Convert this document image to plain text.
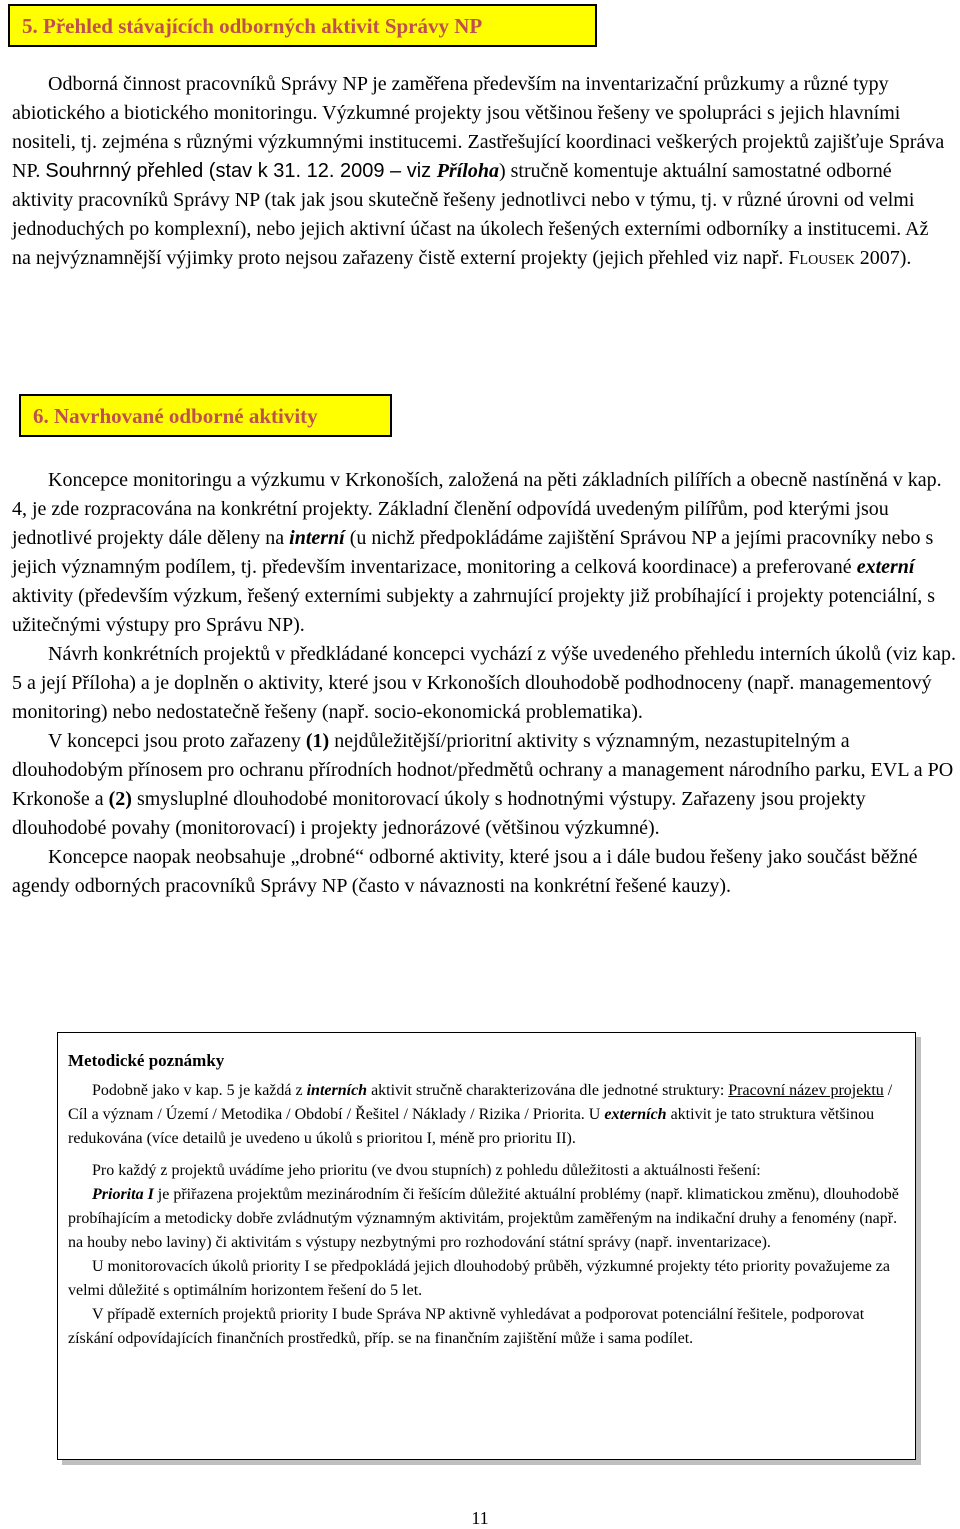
5. Přehled stávajících odborných aktivit Správy NP

Odborná činnost pracovníků Správy NP je zaměřena především na inventarizační průzkumy a různé typy abiotického a biotického monitoringu. Výzkumné projekty jsou většinou řešeny ve spolupráci s jejich hlavními nositeli, tj. zejména s různými výzkumnými institucemi. Zastřešující koordinaci veškerých projektů zajišťuje Správa NP. Souhrnný přehled (stav k 31. 12. 2009 – viz Příloha) stručně komentuje aktuální samostatné odborné aktivity pracovníků Správy NP (tak jak jsou skutečně řešeny jednotlivci nebo v týmu, tj. v různé úrovni od velmi jednoduchých po komplexní), nebo jejich aktivní účast na úkolech řešených externími odborníky a institucemi. Až na nejvýznamnější výjimky proto nejsou zařazeny čistě externí projekty (jejich přehled viz např. Flousek 2007).

6. Navrhované odborné aktivity

Koncepce monitoringu a výzkumu v Krkonoších, založená na pěti základních pilířích a obecně nastíněná v kap. 4, je zde rozpracována na konkrétní projekty. Základní členění odpovídá uvedeným pilířům, pod kterými jsou jednotlivé projekty dále děleny na interní (u nichž předpokládáme zajištění Správou NP a jejími pracovníky nebo s jejich významným podílem, tj. především inventarizace, monitoring a celková koordinace) a preferované externí aktivity (především výzkum, řešený externími subjekty a zahrnující projekty již probíhající i projekty potenciální, s užitečnými výstupy pro Správu NP).

Návrh konkrétních projektů v předkládané koncepci vychází z výše uvedeného přehledu interních úkolů (viz kap. 5 a její Příloha) a je doplněn o aktivity, které jsou v Krkonoších dlouhodobě podhodnoceny (např. managementový monitoring) nebo nedostatečně řešeny (např. socio-ekonomická problematika).

V koncepci jsou proto zařazeny (1) nejdůležitější/prioritní aktivity s významným, nezastupitelným a dlouhodobým přínosem pro ochranu přírodních hodnot/předmětů ochrany a management národního parku, EVL a PO Krkonoše a (2) smysluplné dlouhodobé monitorovací úkoly s hodnotnými výstupy. Zařazeny jsou projekty dlouhodobé povahy (monitorovací) i projekty jednorázové (většinou výzkumné).

Koncepce naopak neobsahuje „drobné“ odborné aktivity, které jsou a i dále budou řešeny jako součást běžné agendy odborných pracovníků Správy NP (často v návaznosti na konkrétní řešené kauzy).

Metodické poznámky

Podobně jako v kap. 5 je každá z interních aktivit stručně charakterizována dle jednotné struktury: Pracovní název projektu / Cíl a význam / Území / Metodika / Období / Řešitel / Náklady / Rizika / Priorita. U externích aktivit je tato struktura většinou redukována (více detailů je uvedeno u úkolů s prioritou I, méně pro prioritu II).

Pro každý z projektů uvádíme jeho prioritu (ve dvou stupních) z pohledu důležitosti a aktuálnosti řešení:

Priorita I je přiřazena projektům mezinárodním či řešícím důležité aktuální problémy (např. klimatickou změnu), dlouhodobě probíhajícím a metodicky dobře zvládnutým významným aktivitám, projektům zaměřeným na indikační druhy a fenomény (např. na houby nebo laviny) či aktivitám s výstupy nezbytnými pro rozhodování státní správy (např. inventarizace).

U monitorovacích úkolů priority I se předpokládá jejich dlouhodobý průběh, výzkumné projekty této priority považujeme za velmi důležité s optimálním horizontem řešení do 5 let.

V případě externích projektů priority I bude Správa NP aktivně vyhledávat a podporovat potenciální řešitele, podporovat získání odpovídajících finančních prostředků, příp. se na finančním zajištění může i sama podílet.

11
